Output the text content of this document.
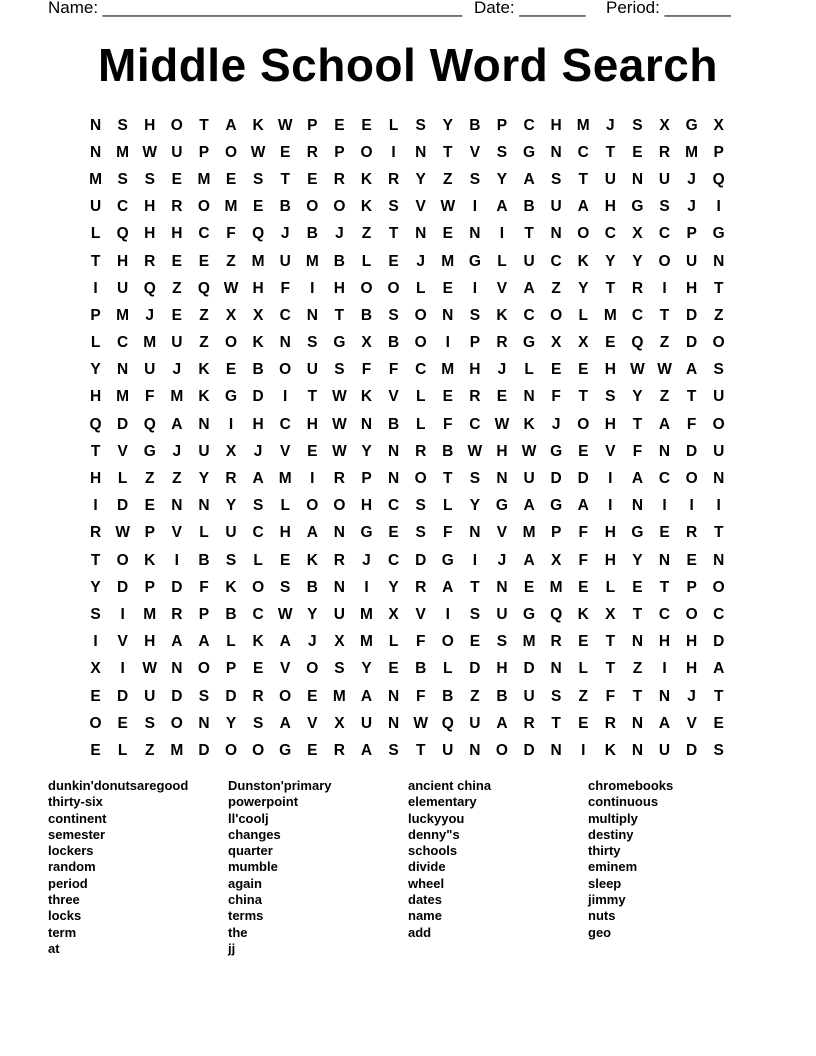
Name: ______________________________________ Date: _______ Period: _______
Middle School Word Search
N	S	H O	T	A	K W P	E	E	L	S	Y	B	P	C	H M	J	S	X	G	X
N M W U	P	O W E	R	P	O	I	N	T	V	S	G N	C	T	E	R M P
M S	S	E M E	S	T	E	R	K	R	Y	Z	S	Y	A	S	T	U	N	U	J	Q
U	C	H	R O M E	B O O K	S	V W	I	A	B	U	A	H G	S	J	I
L	Q H	H	C	F	Q	J	B	J	Z	T	N	E	N	I	T	N O C	X	C	P	G
T	H	R	E	E	Z	M U M B	L	E	J	M G	L	U	C	K	Y	Y	O U	N
I	U Q	Z	Q W H	F	I	H O O	L	E	I	V	A	Z	Y	T	R	I	H	T
P M	J	E	Z	X	X	C	N	T	B	S	O N	S	K	C O	L	M C	T	D	Z
L	C M U	Z	O K	N	S	G	X	B O	I	P	R G	X	X	E	Q	Z	D O
Y	N	U	J	K	E	B O U	S	F	F	C M H	J	L	E	E	H W W A	S
H M	F	M K G D	I	T W K	V	L	E	R	E	N	F	T	S	Y	Z	T	U
Q D Q A	N	I	H	C	H W N	B	L	F	C W K	J	O H	T	A	F	O
T	V	G	J	U	X	J	V	E W Y	N	R	B W H W G	E	V	F	N	D	U
H	L	Z	Z	Y	R	A M	I	R	P	N O	T	S	N	U	D	D	I	A	C O N
I	D	E	N	N	Y	S	L	O O H	C	S	L	Y	G A G A	I	N	I	I	I
R W P	V	L	U	C	H	A	N G	E	S	F	N	V M P	F	H G	E	R	T
T	O K	I	B	S	L	E	K	R	J	C	D G	I	J	A	X	F	H	Y	N	E	N
Y	D	P	D	F	K O	S	B	N	I	Y	R	A	T	N	E M E	L	E	T	P	O
S	I	M R	P	B	C W Y	U M X	V	I	S	U G Q K	X	T	C O C
I	V	H	A	A	L	K	A	J	X M	L	F	O	E	S M R	E	T	N	H	H	D
X	I	W N O	P	E	V	O	S	Y	E	B	L	D	H	D	N	L	T	Z	I	H	A
E	D	U	D	S	D	R O	E M A	N	F	B	Z	B	U	S	Z	F	T	N	J	T
O	E	S	O N	Y	S	A	V	X	U	N W Q U	A	R	T	E	R	N	A	V	E
E	L	Z	M D O O G	E	R	A	S	T	U	N O D	N	I	K	N	U	D	S
dunkin'donutsaregood
thirty-six
continent
semester
lockers
random
period
three
locks
term
at
Dunston'primary
powerpoint
ll'coolj
changes
quarter
mumble
again
china
terms
the
jj
ancient china
elementary
luckyyou
denny"s
schools
divide
wheel
dates
name
add
chromebooks
continuous
multiply
destiny
thirty
eminem
sleep
jimmy
nuts
geo
